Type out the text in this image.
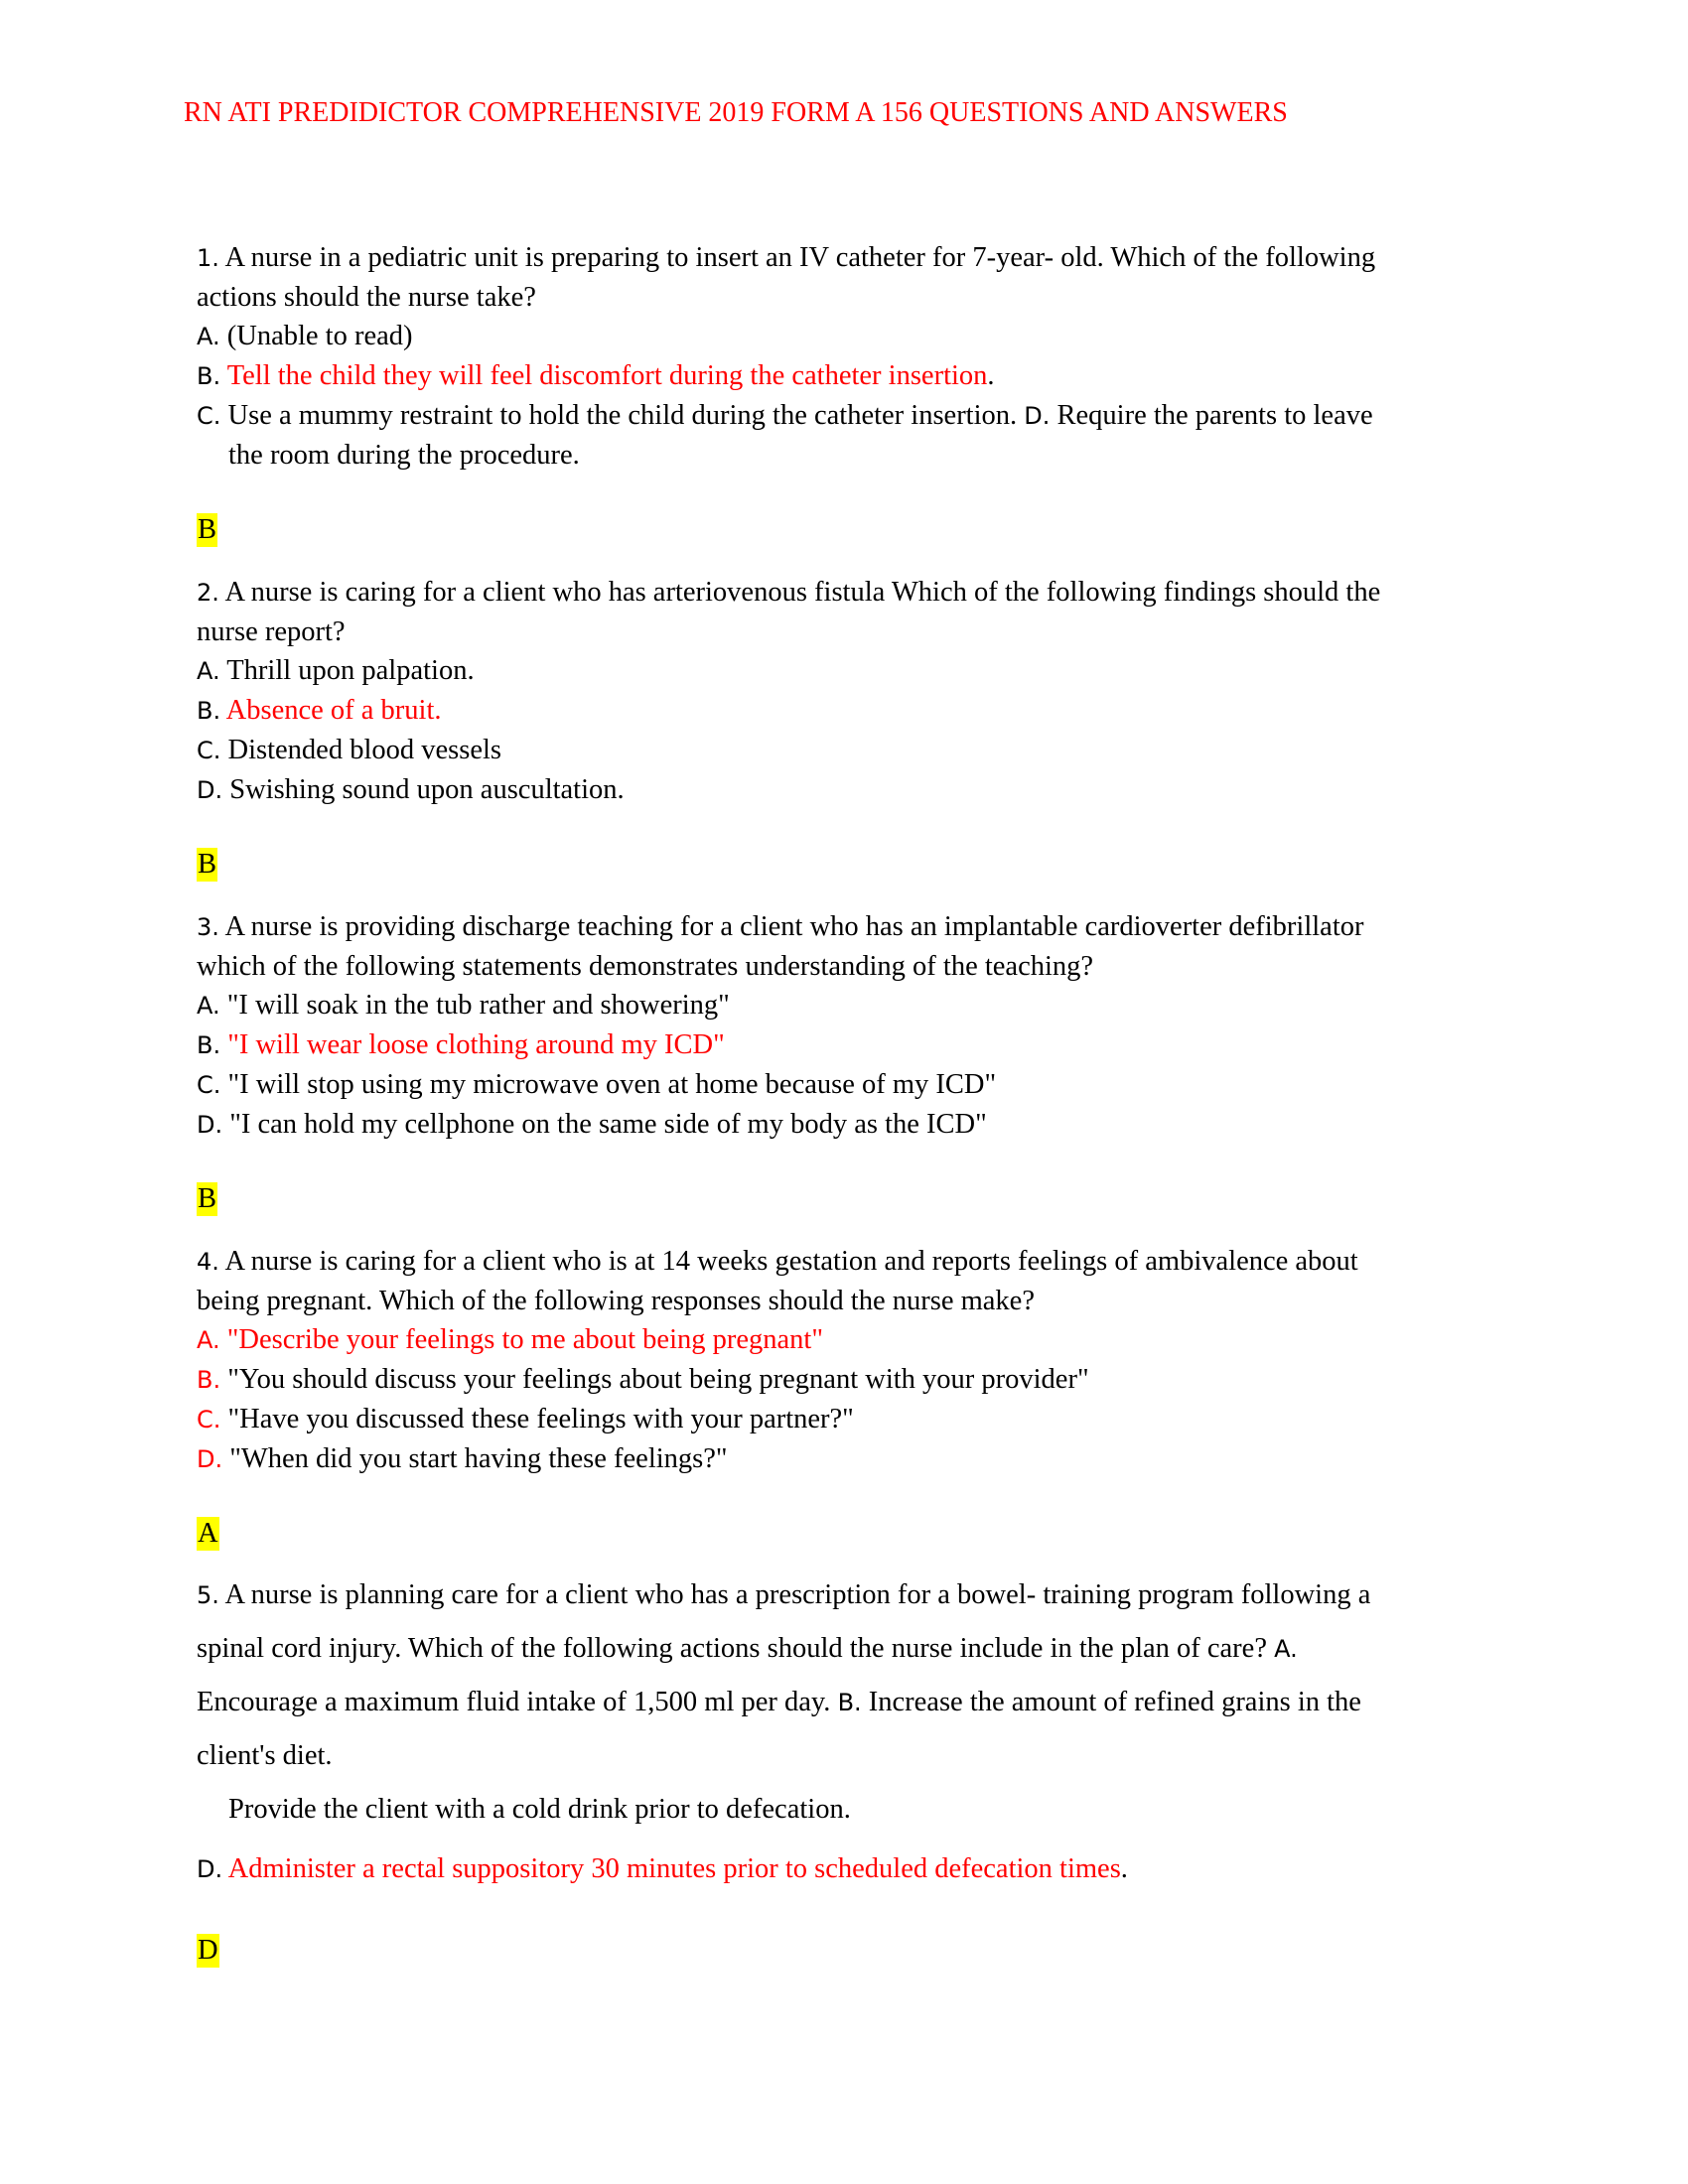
RN ATI PREDIDICTOR COMPREHENSIVE 2019 FORM A 156 QUESTIONS AND ANSWERS
1. A nurse in a pediatric unit is preparing to insert an IV catheter for 7-year- old. Which of the following
actions should the nurse take?
A. (Unable to read)
B. Tell the child they will feel discomfort during the catheter insertion.
C. Use a mummy restraint to hold the child during the catheter insertion. D. Require the parents to leave
the room during the procedure.
B
2. A nurse is caring for a client who has arteriovenous fistula Which of the following findings should the
nurse report?
A. Thrill upon palpation.
B. Absence of a bruit.
C. Distended blood vessels
D. Swishing sound upon auscultation.
B
3. A nurse is providing discharge teaching for a client who has an implantable cardioverter defibrillator
which of the following statements demonstrates understanding of the teaching?
A. "I will soak in the tub rather and showering"
B. "I will wear loose clothing around my ICD"
C. "I will stop using my microwave oven at home because of my ICD"
D. "I can hold my cellphone on the same side of my body as the ICD"
B
4. A nurse is caring for a client who is at 14 weeks gestation and reports feelings of ambivalence about
being pregnant. Which of the following responses should the nurse make?
A. "Describe your feelings to me about being pregnant"
B. "You should discuss your feelings about being pregnant with your provider"
C. "Have you discussed these feelings with your partner?"
D. "When did you start having these feelings?"
A
5. A nurse is planning care for a client who has a prescription for a bowel- training program following a
spinal cord injury. Which of the following actions should the nurse include in the plan of care? A.
Encourage a maximum fluid intake of 1,500 ml per day. B. Increase the amount of refined grains in the
client's diet.
Provide the client with a cold drink prior to defecation.
D. Administer a rectal suppository 30 minutes prior to scheduled defecation times.
D
